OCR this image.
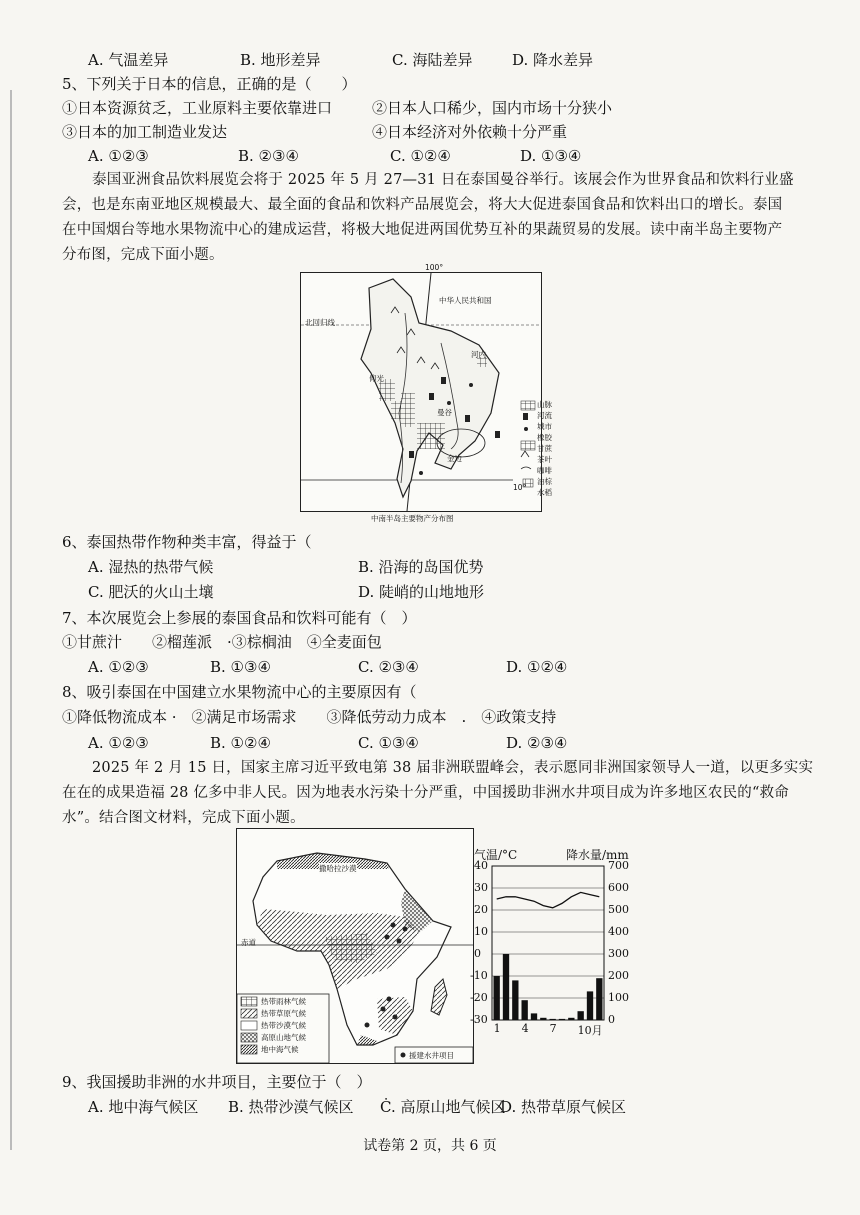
A. 气温差异	B. 地形差异	C. 海陆差异	D. 降水差异
5、下列关于日本的信息，正确的是（　　）
①日本资源贫乏，工业原料主要依靠进口	②日本人口稀少，国内市场十分狭小
③日本的加工制造业发达	④日本经济对外依赖十分严重
A. ①②③	B. ②③④	C. ①②④	D. ①③④
泰国亚洲食品饮料展览会将于 2025 年 5 月 27—31 日在泰国曼谷举行。该展会作为世界食品和饮料行业盛
会，也是东南亚地区规模最大、最全面的食品和饮料产品展览会，将大大促进泰国食品和饮料出口的增长。泰国
在中国烟台等地水果物流中心的建成运营，将极大地促进两国优势互补的果蔬贸易的发展。读中南半岛主要物产
分布图，完成下面小题。
100°
中华人民共和国
北回归线
河内
仰光
曼谷
金边
10°
山脉
河流
城市
橡胶
甘蔗
茶叶
咖啡
油棕
水稻
中南半岛主要物产分布图
6、泰国热带作物种类丰富，得益于（
A. 湿热的热带气候	B. 沿海的岛国优势
C. 肥沃的火山土壤	D. 陡峭的山地地形
7、本次展览会上参展的泰国食品和饮料可能有（　）
①甘蔗汁　　②榴莲派　·③棕榈油　④全麦面包
A. ①②③	B. ①③④	C. ②③④	D. ①②④
8、吸引泰国在中国建立水果物流中心的主要原因有（
①降低物流成本 ·　②满足市场需求　　③降低劳动力成本　.　④政策支持
A. ①②③	B. ①②④	C. ①③④	D. ②③④
2025 年 2 月 15 日，国家主席习近平致电第 38 届非洲联盟峰会，表示愿同非洲国家领导人一道，以更多实实
在在的成果造福 28 亿多中非人民。因为地表水污染十分严重，中国援助非洲水井项目成为许多地区农民的“救命
水”。结合图文材料，完成下面小题。
撒哈拉沙漠
赤道
热带雨林气候
热带草原气候
热带沙漠气候
高原山地气候
地中海气候
援建水井项目
气温/°C	降水量/mm
40
30
20
10
0
-10
-20
-30
700
600
500
400
300
200
100
0
1 4 7 10月
9、我国援助非洲的水井项目，主要位于（　）
A. 地中海气候区 B. 热带沙漠气候区 Ċ. 高原山地气候区
D. 热带草原气候区
试卷第 2 页，共 6 页
